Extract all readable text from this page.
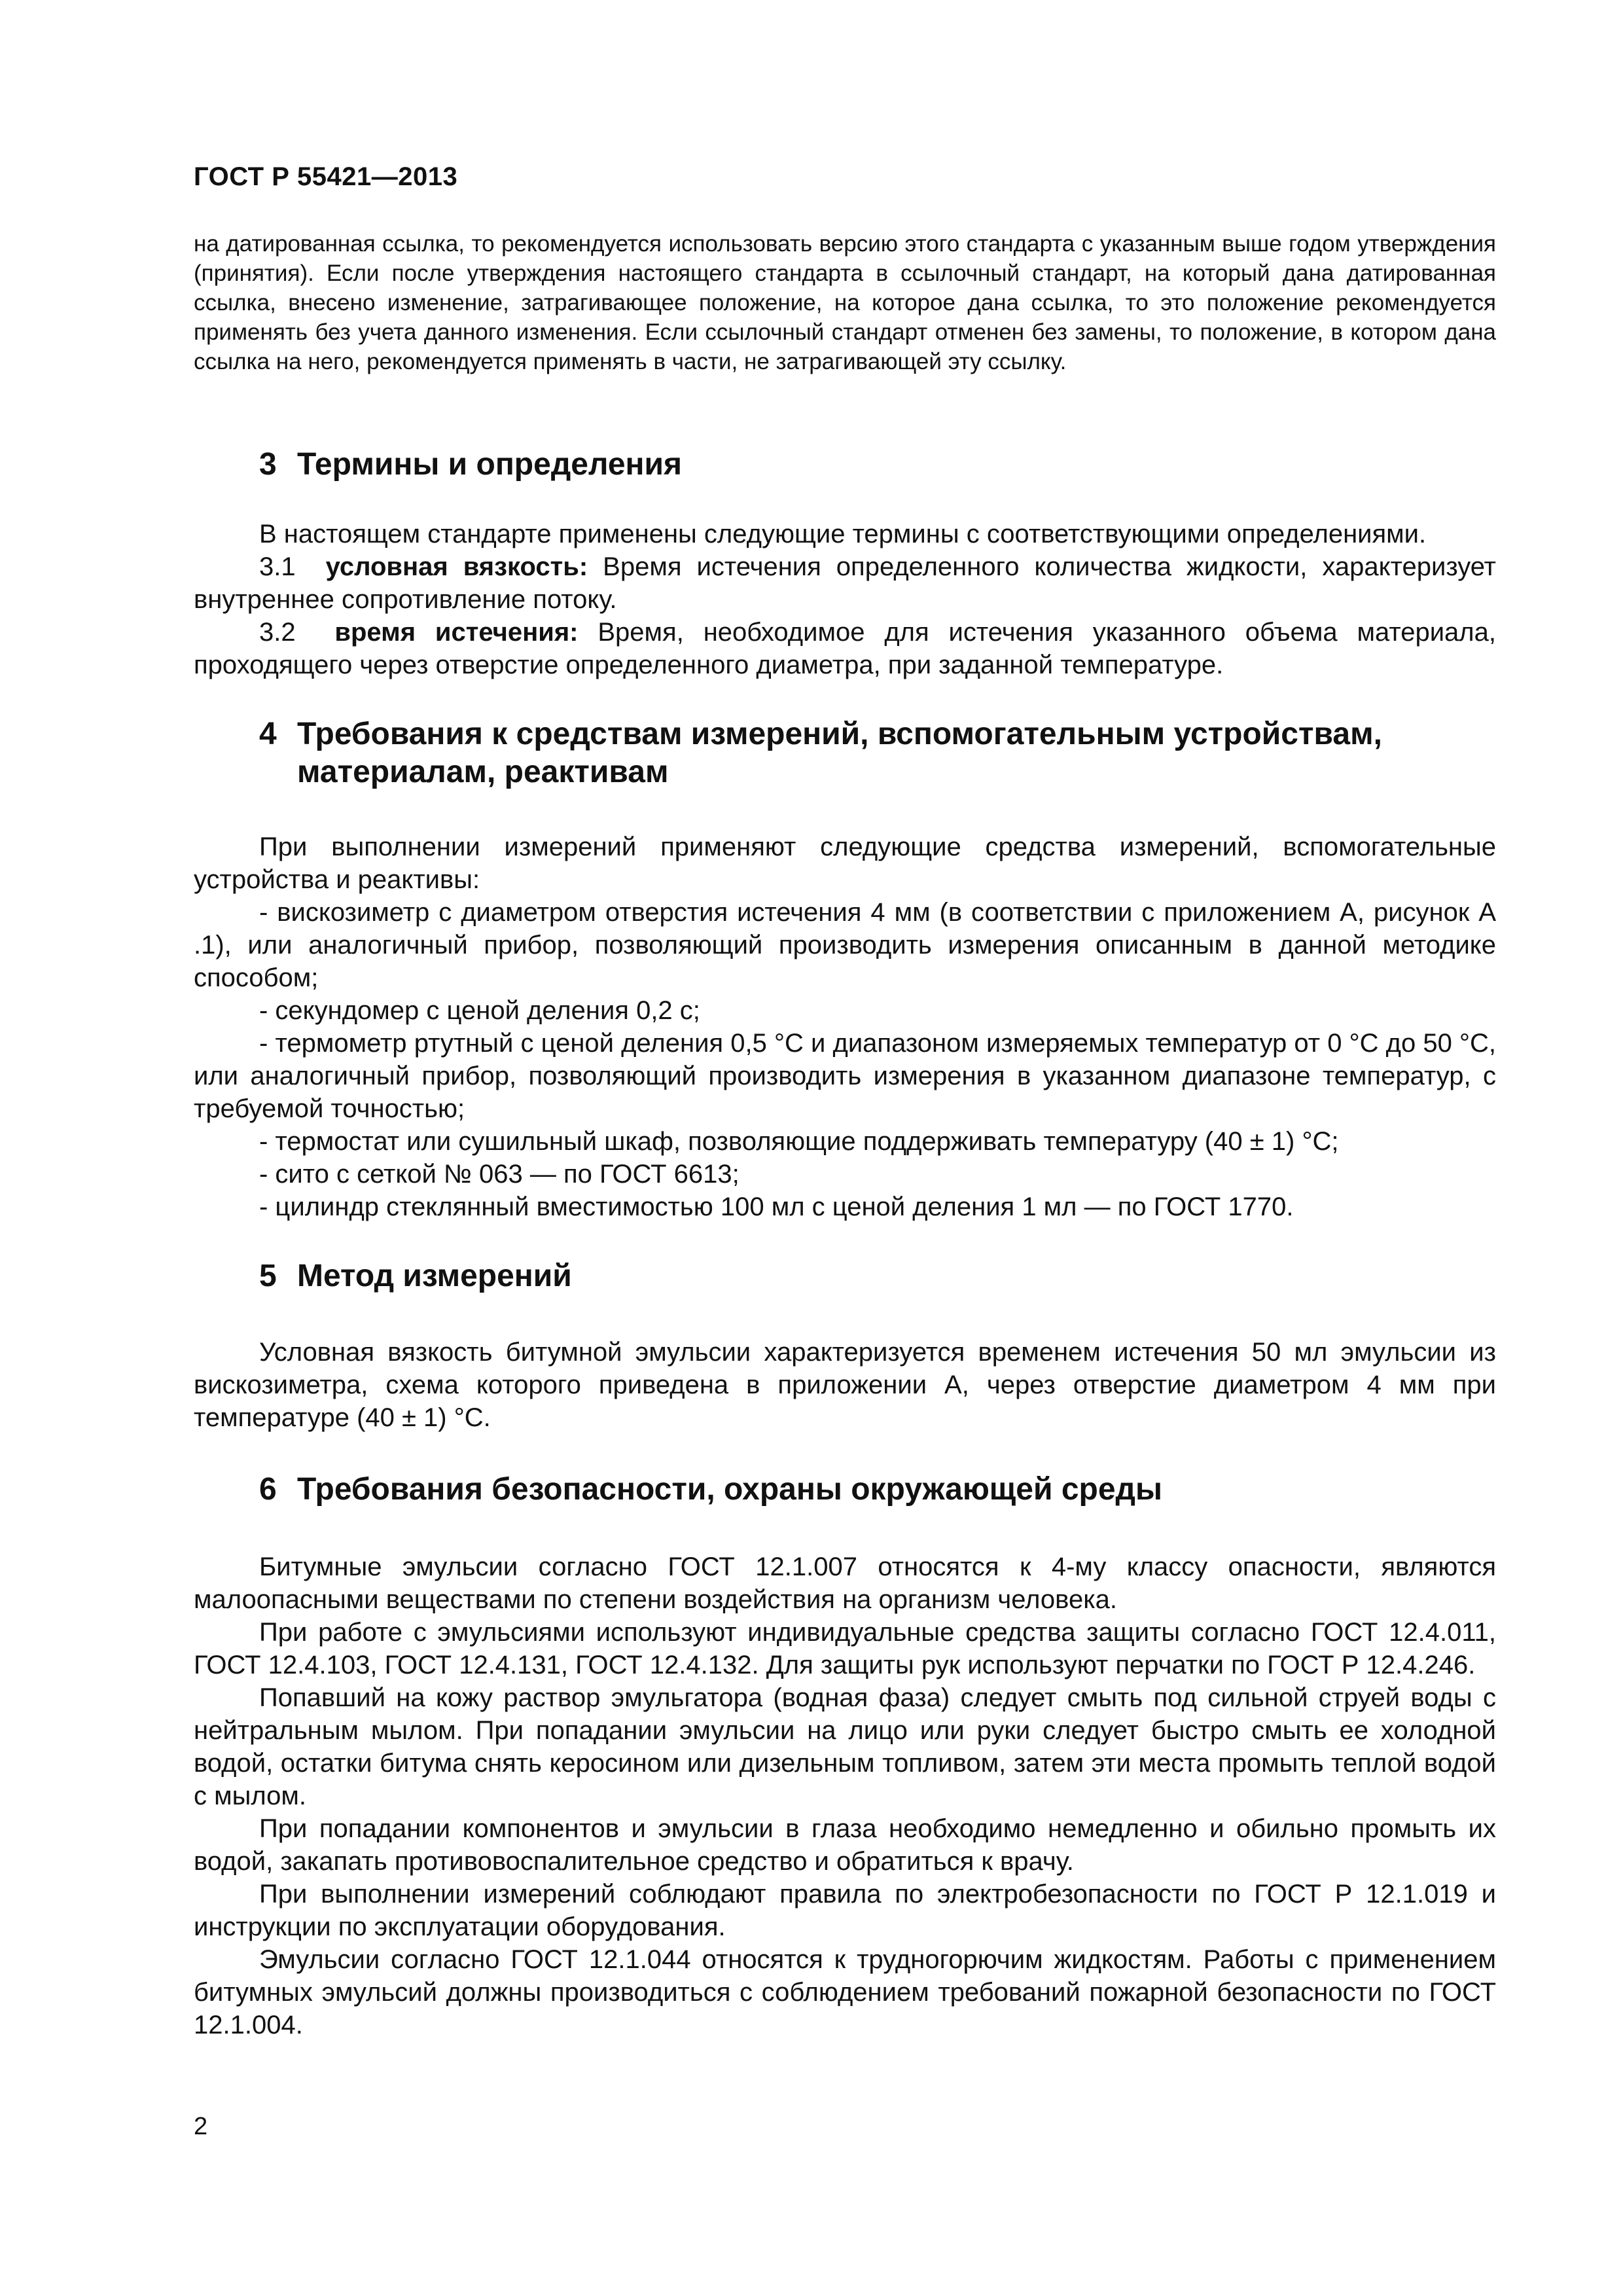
ГОСТ Р 55421—2013

на датированная ссылка, то рекомендуется использовать версию этого стандарта с указанным выше годом утверждения (принятия). Если после утверждения настоящего стандарта в ссылочный стандарт, на который дана датированная ссылка, внесено изменение, затрагивающее положение, на которое дана ссылка, то это положение рекомендуется применять без учета данного изменения. Если ссылочный стандарт отменен без замены, то положение, в котором дана ссылка на него, рекомендуется применять в части, не затрагивающей эту ссылку.

3 Термины и определения

В настоящем стандарте применены следующие термины с соответствующими определениями.

3.1 условная вязкость: Время истечения определенного количества жидкости, характеризует внутреннее сопротивление потоку.

3.2 время истечения: Время, необходимое для истечения указанного объема материала, проходящего через отверстие определенного диаметра, при заданной температуре.

4 Требования к средствам измерений, вспомогательным устройствам,
материалам, реактивам

При выполнении измерений применяют следующие средства измерений, вспомогательные устройства и реактивы:

- вискозиметр с диаметром отверстия истечения 4 мм (в соответствии с приложением А, рисунок А .1), или аналогичный прибор, позволяющий производить измерения описанным в данной методике способом;

- секундомер с ценой деления 0,2 с;

- термометр ртутный с ценой деления 0,5 °C и диапазоном измеряемых температур от 0 °C до 50 °C, или аналогичный прибор, позволяющий производить измерения в указанном диапазоне температур, с требуемой точностью;

- термостат или сушильный шкаф, позволяющие поддерживать температуру (40 ± 1) °C;

- сито с сеткой № 063 — по ГОСТ 6613;

- цилиндр стеклянный вместимостью 100 мл с ценой деления 1 мл — по ГОСТ 1770.

5 Метод измерений

Условная вязкость битумной эмульсии характеризуется временем истечения 50 мл эмульсии из вискозиметра, схема которого приведена в приложении А, через отверстие диаметром 4 мм при температуре (40 ± 1) °C.

6 Требования безопасности, охраны окружающей среды

Битумные эмульсии согласно ГОСТ 12.1.007 относятся к 4-му классу опасности, являются малоопасными веществами по степени воздействия на организм человека.

При работе с эмульсиями используют индивидуальные средства защиты согласно ГОСТ 12.4.011, ГОСТ 12.4.103, ГОСТ 12.4.131, ГОСТ 12.4.132. Для защиты рук используют перчатки по ГОСТ Р 12.4.246.

Попавший на кожу раствор эмульгатора (водная фаза) следует смыть под сильной струей воды с нейтральным мылом. При попадании эмульсии на лицо или руки следует быстро смыть ее холодной водой, остатки битума снять керосином или дизельным топливом, затем эти места промыть теплой водой с мылом.

При попадании компонентов и эмульсии в глаза необходимо немедленно и обильно промыть их водой, закапать противовоспалительное средство и обратиться к врачу.

При выполнении измерений соблюдают правила по электробезопасности по ГОСТ Р 12.1.019 и инструкции по эксплуатации оборудования.

Эмульсии согласно ГОСТ 12.1.044 относятся к трудногорючим жидкостям. Работы с применением битумных эмульсий должны производиться с соблюдением требований пожарной безопасности по ГОСТ 12.1.004.

2
